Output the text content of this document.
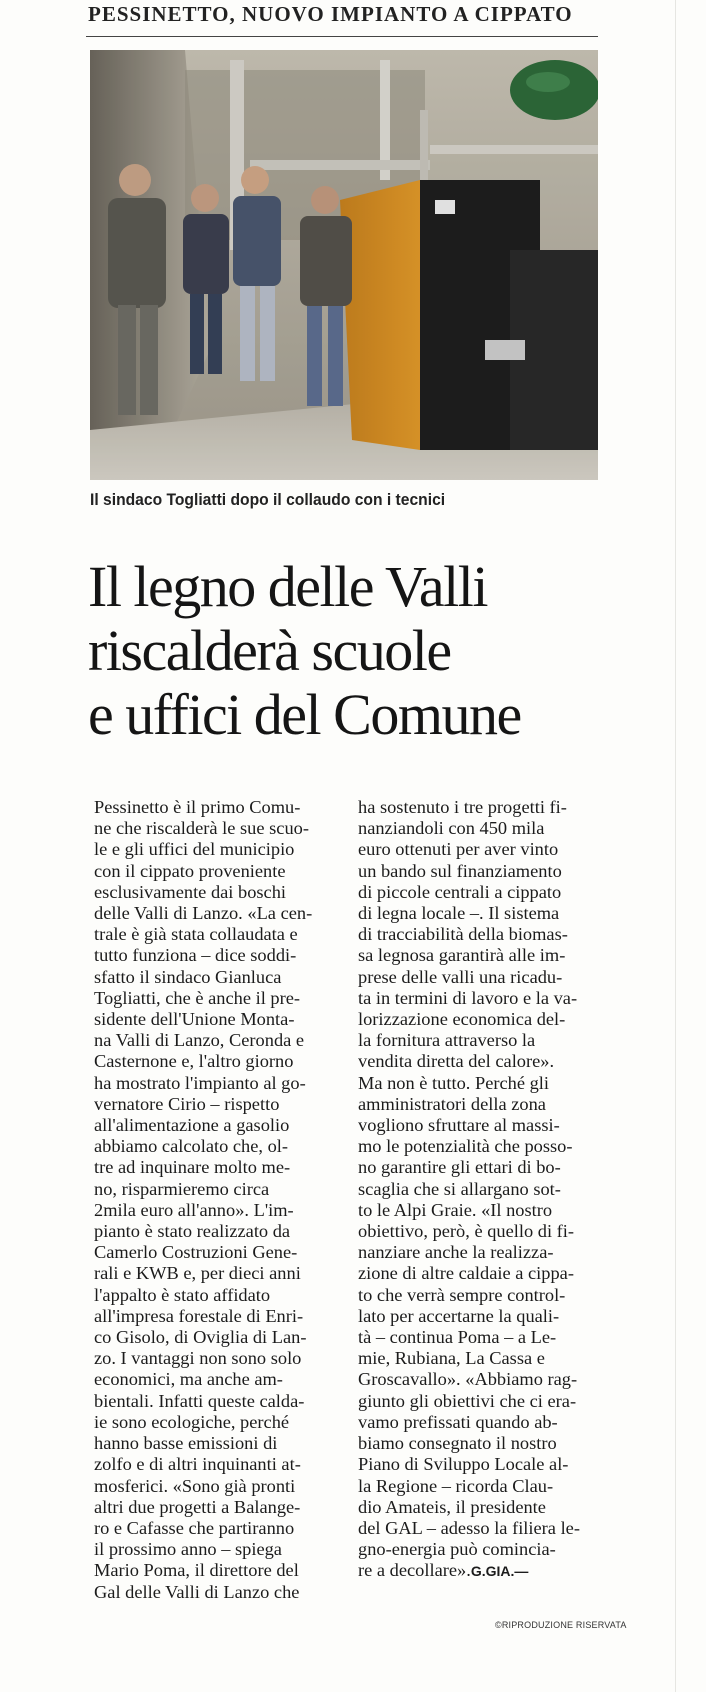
PESSINETTO, NUOVO IMPIANTO A CIPPATO
Il sindaco Togliatti dopo il collaudo con i tecnici
Il legno delle Valli
riscalderà scuole
e uffici del Comune
Pessinetto è il primo Comu-
ne che riscalderà le sue scuo-
le e gli uffici del municipio
con il cippato proveniente
esclusivamente dai boschi
delle Valli di Lanzo. «La cen-
trale è già stata collaudata e
tutto funziona – dice soddi-
sfatto il sindaco Gianluca
Togliatti, che è anche il pre-
sidente dell'Unione Monta-
na Valli di Lanzo, Ceronda e
Casternone e, l'altro giorno
ha mostrato l'impianto al go-
vernatore Cirio – rispetto
all'alimentazione a gasolio
abbiamo calcolato che, ol-
tre ad inquinare molto me-
no, risparmieremo circa
2mila euro all'anno». L'im-
pianto è stato realizzato da
Camerlo Costruzioni Gene-
rali e KWB e, per dieci anni
l'appalto è stato affidato
all'impresa forestale di Enri-
co Gisolo, di Oviglia di Lan-
zo. I vantaggi non sono solo
economici, ma anche am-
bientali. Infatti queste calda-
ie sono ecologiche, perché
hanno basse emissioni di
zolfo e di altri inquinanti at-
mosferici. «Sono già pronti
altri due progetti a Balange-
ro e Cafasse che partiranno
il prossimo anno – spiega
Mario Poma, il direttore del
Gal delle Valli di Lanzo che
ha sostenuto i tre progetti fi-
nanziandoli con 450 mila
euro ottenuti per aver vinto
un bando sul finanziamento
di piccole centrali a cippato
di legna locale –. Il sistema
di tracciabilità della biomas-
sa legnosa garantirà alle im-
prese delle valli una ricadu-
ta in termini di lavoro e la va-
lorizzazione economica del-
la fornitura attraverso la
vendita diretta del calore».
Ma non è tutto. Perché gli
amministratori della zona
vogliono sfruttare al massi-
mo le potenzialità che posso-
no garantire gli ettari di bo-
scaglia che si allargano sot-
to le Alpi Graie. «Il nostro
obiettivo, però, è quello di fi-
nanziare anche la realizza-
zione di altre caldaie a cippa-
to che verrà sempre control-
lato per accertarne la quali-
tà – continua Poma – a Le-
mie, Rubiana, La Cassa e
Groscavallo». «Abbiamo rag-
giunto gli obiettivi che ci era-
vamo prefissati quando ab-
biamo consegnato il nostro
Piano di Sviluppo Locale al-
la Regione – ricorda Clau-
dio Amateis, il presidente
del GAL – adesso la filiera le-
gno-energia può comincia-
re a decollare».G.GIA.—
©RIPRODUZIONE RISERVATA
